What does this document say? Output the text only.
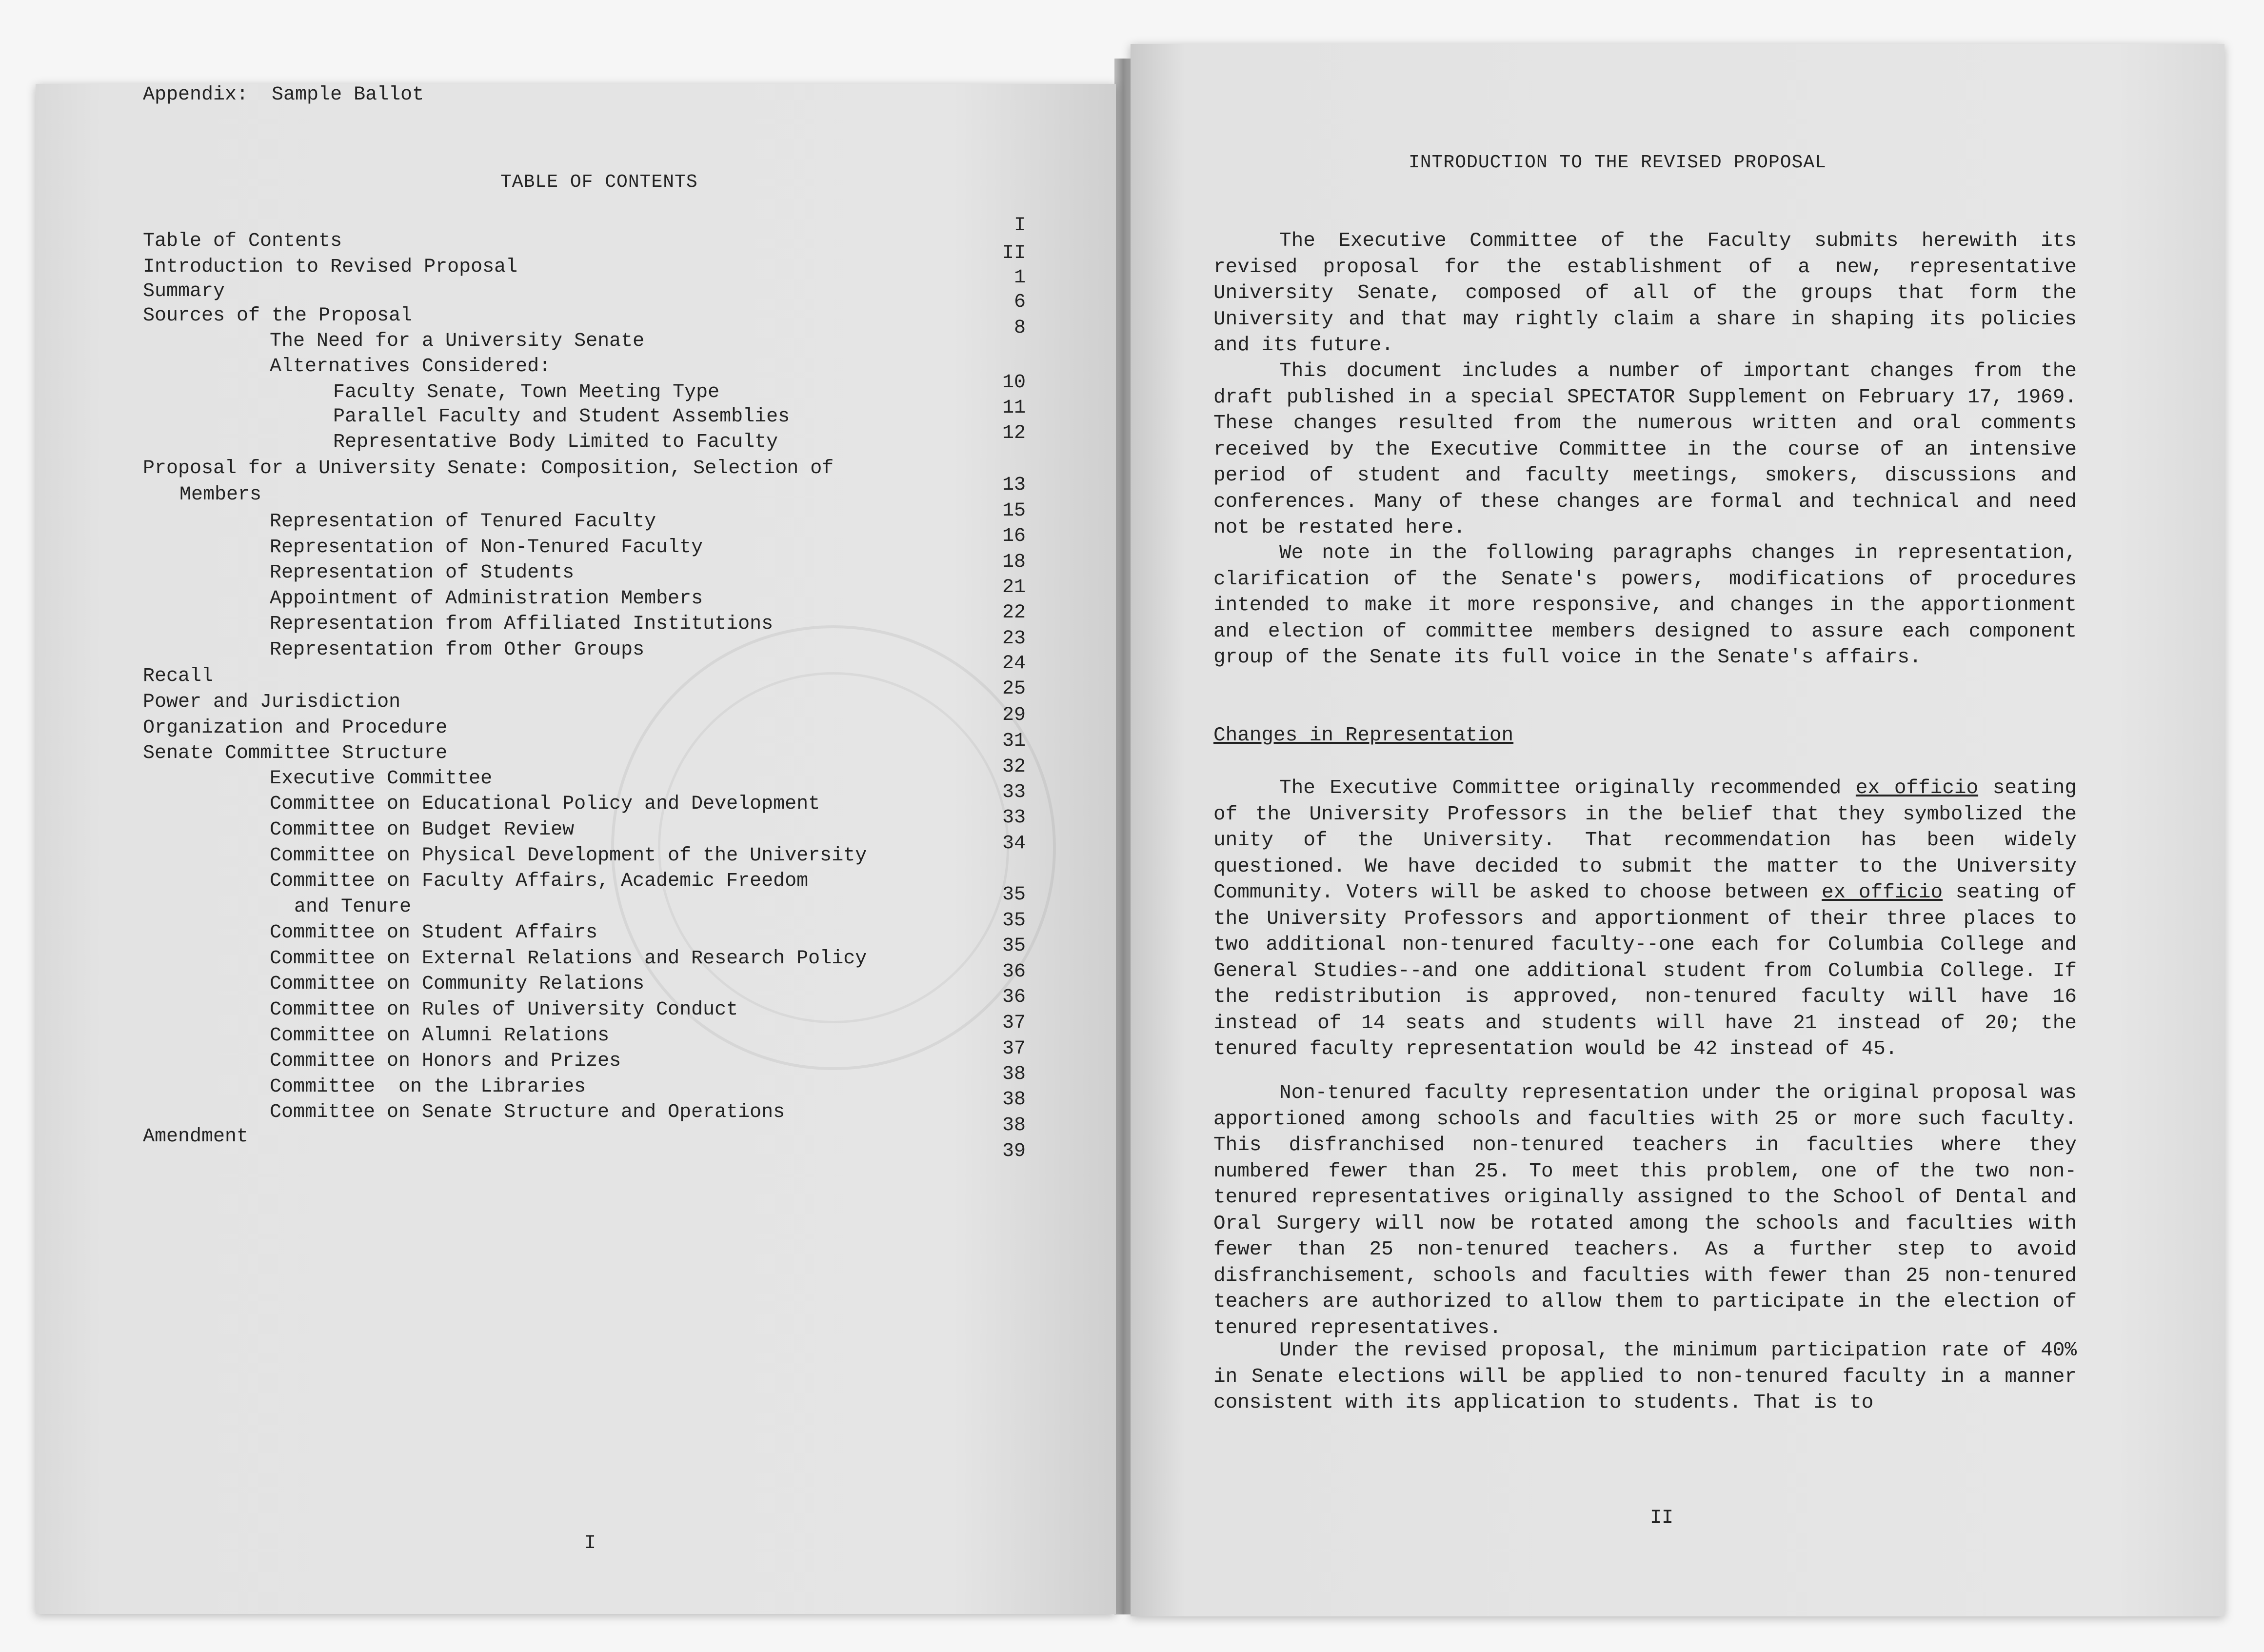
TABLE OF CONTENTS
Table of Contents
Introduction to Revised Proposal
Summary
Sources of the Proposal
The Need for a University Senate
Alternatives Considered:
Faculty Senate, Town Meeting Type
Parallel Faculty and Student Assemblies
Representative Body Limited to Faculty
Proposal for a University Senate: Composition, Selection of
Members
Representation of Tenured Faculty
Representation of Non-Tenured Faculty
Representation of Students
Appointment of Administration Members
Representation from Affiliated Institutions
Representation from Other Groups
Recall
Power and Jurisdiction
Organization and Procedure
Senate Committee Structure
Executive Committee
Committee on Educational Policy and Development
Committee on Budget Review
Committee on Physical Development of the University
Committee on Faculty Affairs, Academic Freedom
and Tenure
Committee on Student Affairs
Committee on External Relations and Research Policy
Committee on Community Relations
Committee on Rules of University Conduct
Committee on Alumni Relations
Committee on Honors and Prizes
Committee  on the Libraries
Committee on Senate Structure and Operations
Amendment
Appendix:  Sample Ballot
I
II
1
6
8
10
11
12
13
15
16
18
21
22
23
24
25
29
31
32
33
33
34
35
35
35
36
36
37
37
38
38
38
39
I
INTRODUCTION TO THE REVISED PROPOSAL

The Executive Committee of the Faculty submits herewith its revised proposal for the establishment of a new, representative University Senate, composed of all of the groups that form the University and that may rightly claim a share in shaping its policies and its future.

This document includes a number of important changes from the draft published in a special SPECTATOR Supplement on February 17, 1969. These changes resulted from the numerous written and oral comments received by the Executive Committee in the course of an intensive period of student and faculty meetings, smokers, discussions and conferences. Many of these changes are formal and technical and need not be restated here.

We note in the following paragraphs changes in representation, clarification of the Senate's powers, modifications of procedures intended to make it more responsive, and changes in the apportionment and election of committee members designed to assure each component group of the Senate its full voice in the Senate's affairs.

Changes in Representation

The Executive Committee originally recommended ex officio seating of the University Professors in the belief that they symbolized the unity of the University. That recommendation has been widely questioned. We have decided to submit the matter to the University Community. Voters will be asked to choose between ex officio seating of the University Professors and apportionment of their three places to two additional non-tenured faculty--one each for Columbia College and General Studies--and one additional student from Columbia College. If the redistribution is approved, non-tenured faculty will have 16 instead of 14 seats and students will have 21 instead of 20; the tenured faculty representation would be 42 instead of 45.

Non-tenured faculty representation under the original proposal was apportioned among schools and faculties with 25 or more such faculty. This disfranchised non-tenured teachers in faculties where they numbered fewer than 25. To meet this problem, one of the two non-tenured representatives originally assigned to the School of Dental and Oral Surgery will now be rotated among the schools and faculties with fewer than 25 non-tenured teachers. As a further step to avoid disfranchisement, schools and faculties with fewer than 25 non-tenured teachers are authorized to allow them to participate in the election of tenured representatives.

Under the revised proposal, the minimum participation rate of 40% in Senate elections will be applied to non-tenured faculty in a manner consistent with its application to students. That is to

II
